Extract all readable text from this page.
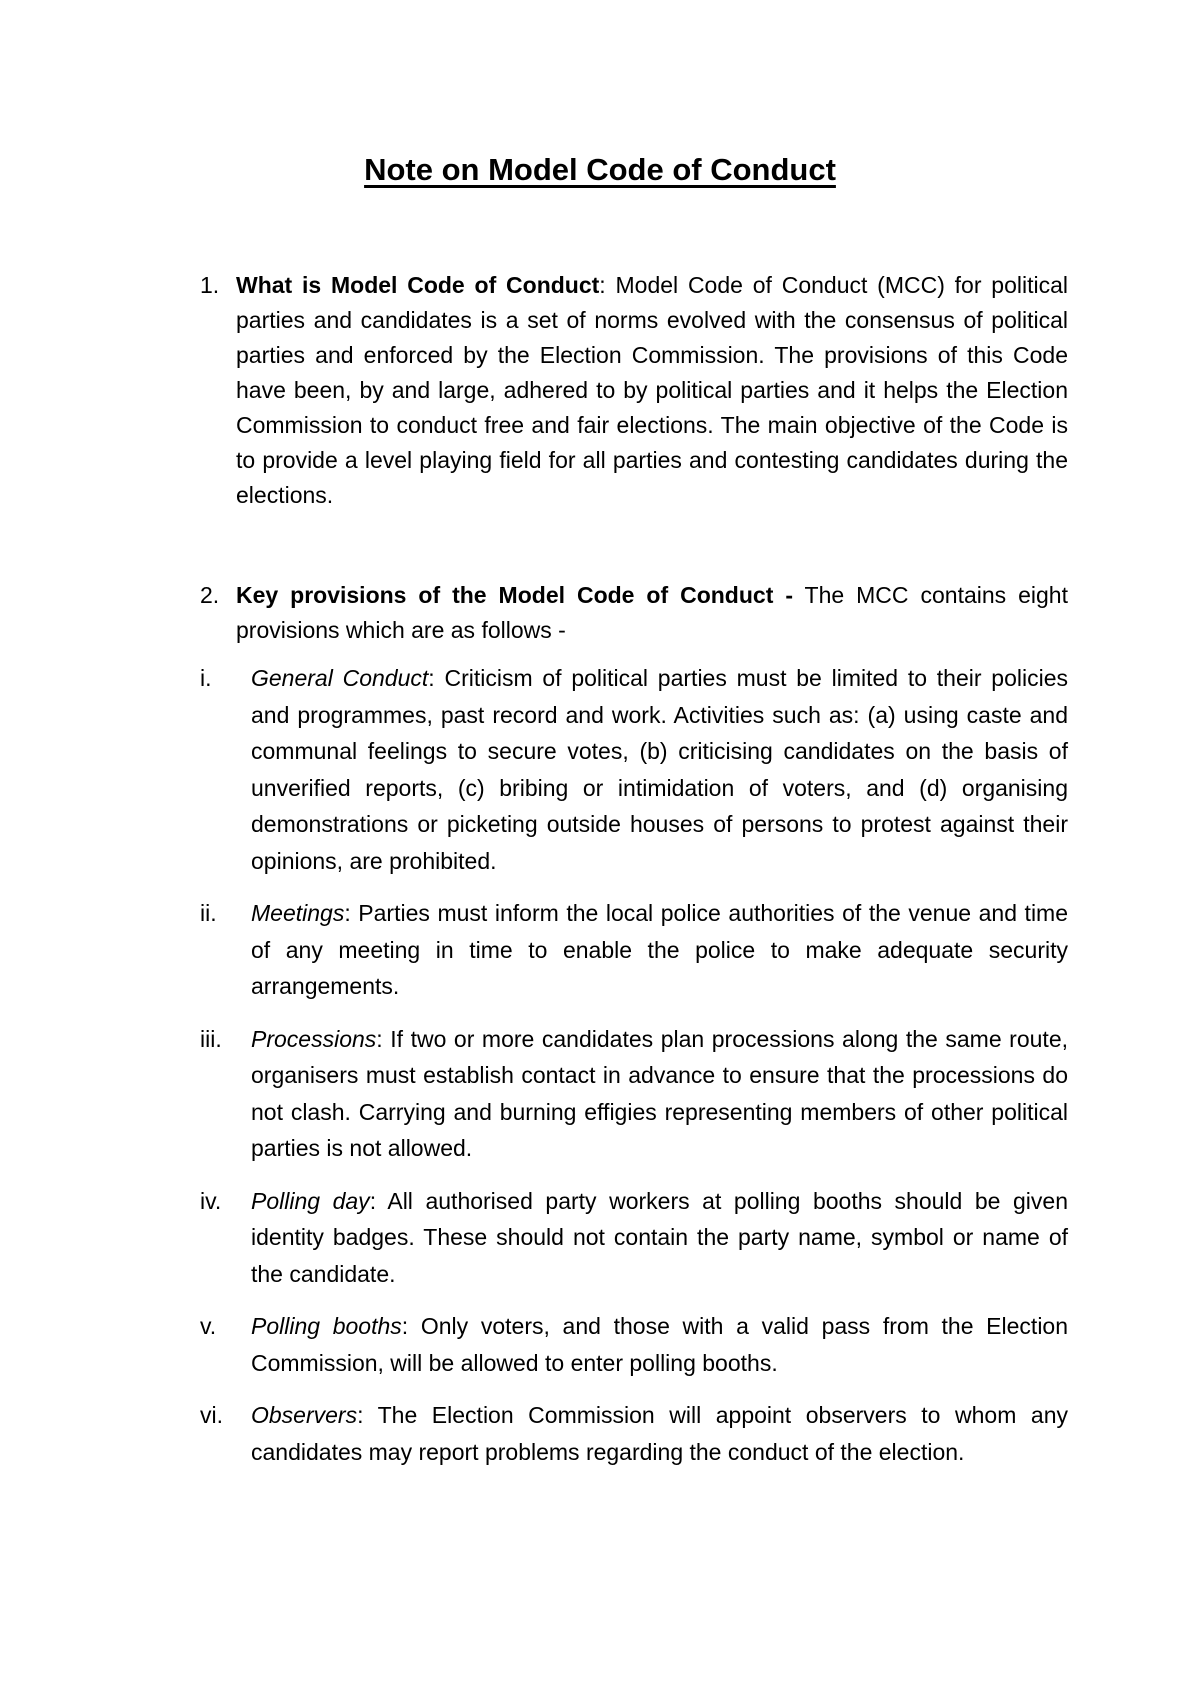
Note on Model Code of Conduct
1. What is Model Code of Conduct: Model Code of Conduct (MCC) for political parties and candidates is a set of norms evolved with the consensus of political parties and enforced by the Election Commission. The provisions of this Code have been, by and large, adhered to by political parties and it helps the Election Commission to conduct free and fair elections. The main objective of the Code is to provide a level playing field for all parties and contesting candidates during the elections.

2. Key provisions of the Model Code of Conduct - The MCC contains eight provisions which are as follows -

i. General Conduct: Criticism of political parties must be limited to their policies and programmes, past record and work. Activities such as: (a) using caste and communal feelings to secure votes, (b) criticising candidates on the basis of unverified reports, (c) bribing or intimidation of voters, and (d) organising demonstrations or picketing outside houses of persons to protest against their opinions, are prohibited.

ii. Meetings: Parties must inform the local police authorities of the venue and time of any meeting in time to enable the police to make adequate security arrangements.

iii. Processions: If two or more candidates plan processions along the same route, organisers must establish contact in advance to ensure that the processions do not clash. Carrying and burning effigies representing members of other political parties is not allowed.

iv. Polling day: All authorised party workers at polling booths should be given identity badges. These should not contain the party name, symbol or name of the candidate.

v. Polling booths: Only voters, and those with a valid pass from the Election Commission, will be allowed to enter polling booths.

vi. Observers: The Election Commission will appoint observers to whom any candidates may report problems regarding the conduct of the election.
